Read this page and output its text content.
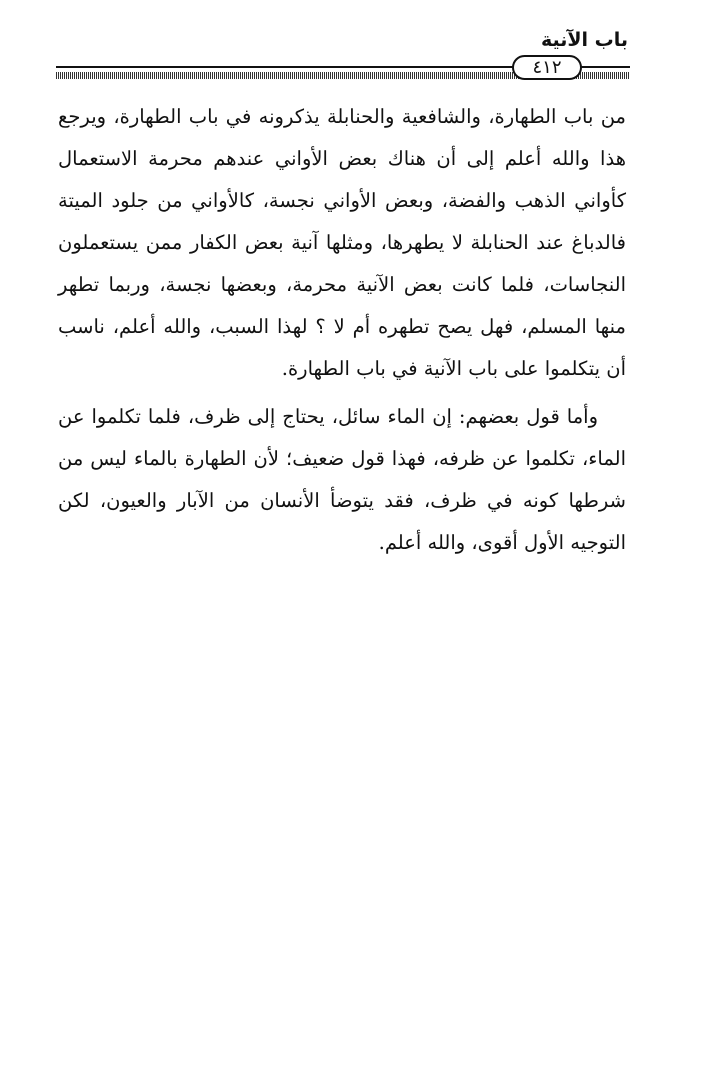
باب الآنية
٤١٢

من باب الطهارة، والشافعية والحنابلة يذكرونه في باب الطهارة، ويرجع هذا والله أعلم إلى أن هناك بعض الأواني عندهم محرمة الاستعمال كأواني الذهب والفضة، وبعض الأواني نجسة، كالأواني من جلود الميتة فالدباغ عند الحنابلة لا يطهرها، ومثلها آنية بعض الكفار ممن يستعملون النجاسات، فلما كانت بعض الآنية محرمة، وبعضها نجسة، وربما تطهر منها المسلم، فهل يصح تطهره أم لا ؟ لهذا السبب، والله أعلم، ناسب أن يتكلموا على باب الآنية في باب الطهارة.

وأما قول بعضهم: إن الماء سائل، يحتاج إلى ظرف، فلما تكلموا عن الماء، تكلموا عن ظرفه، فهذا قول ضعيف؛ لأن الطهارة بالماء ليس من شرطها كونه في ظرف، فقد يتوضأ الأنسان من الآبار والعيون، لكن التوجيه الأول أقوى، والله أعلم.
